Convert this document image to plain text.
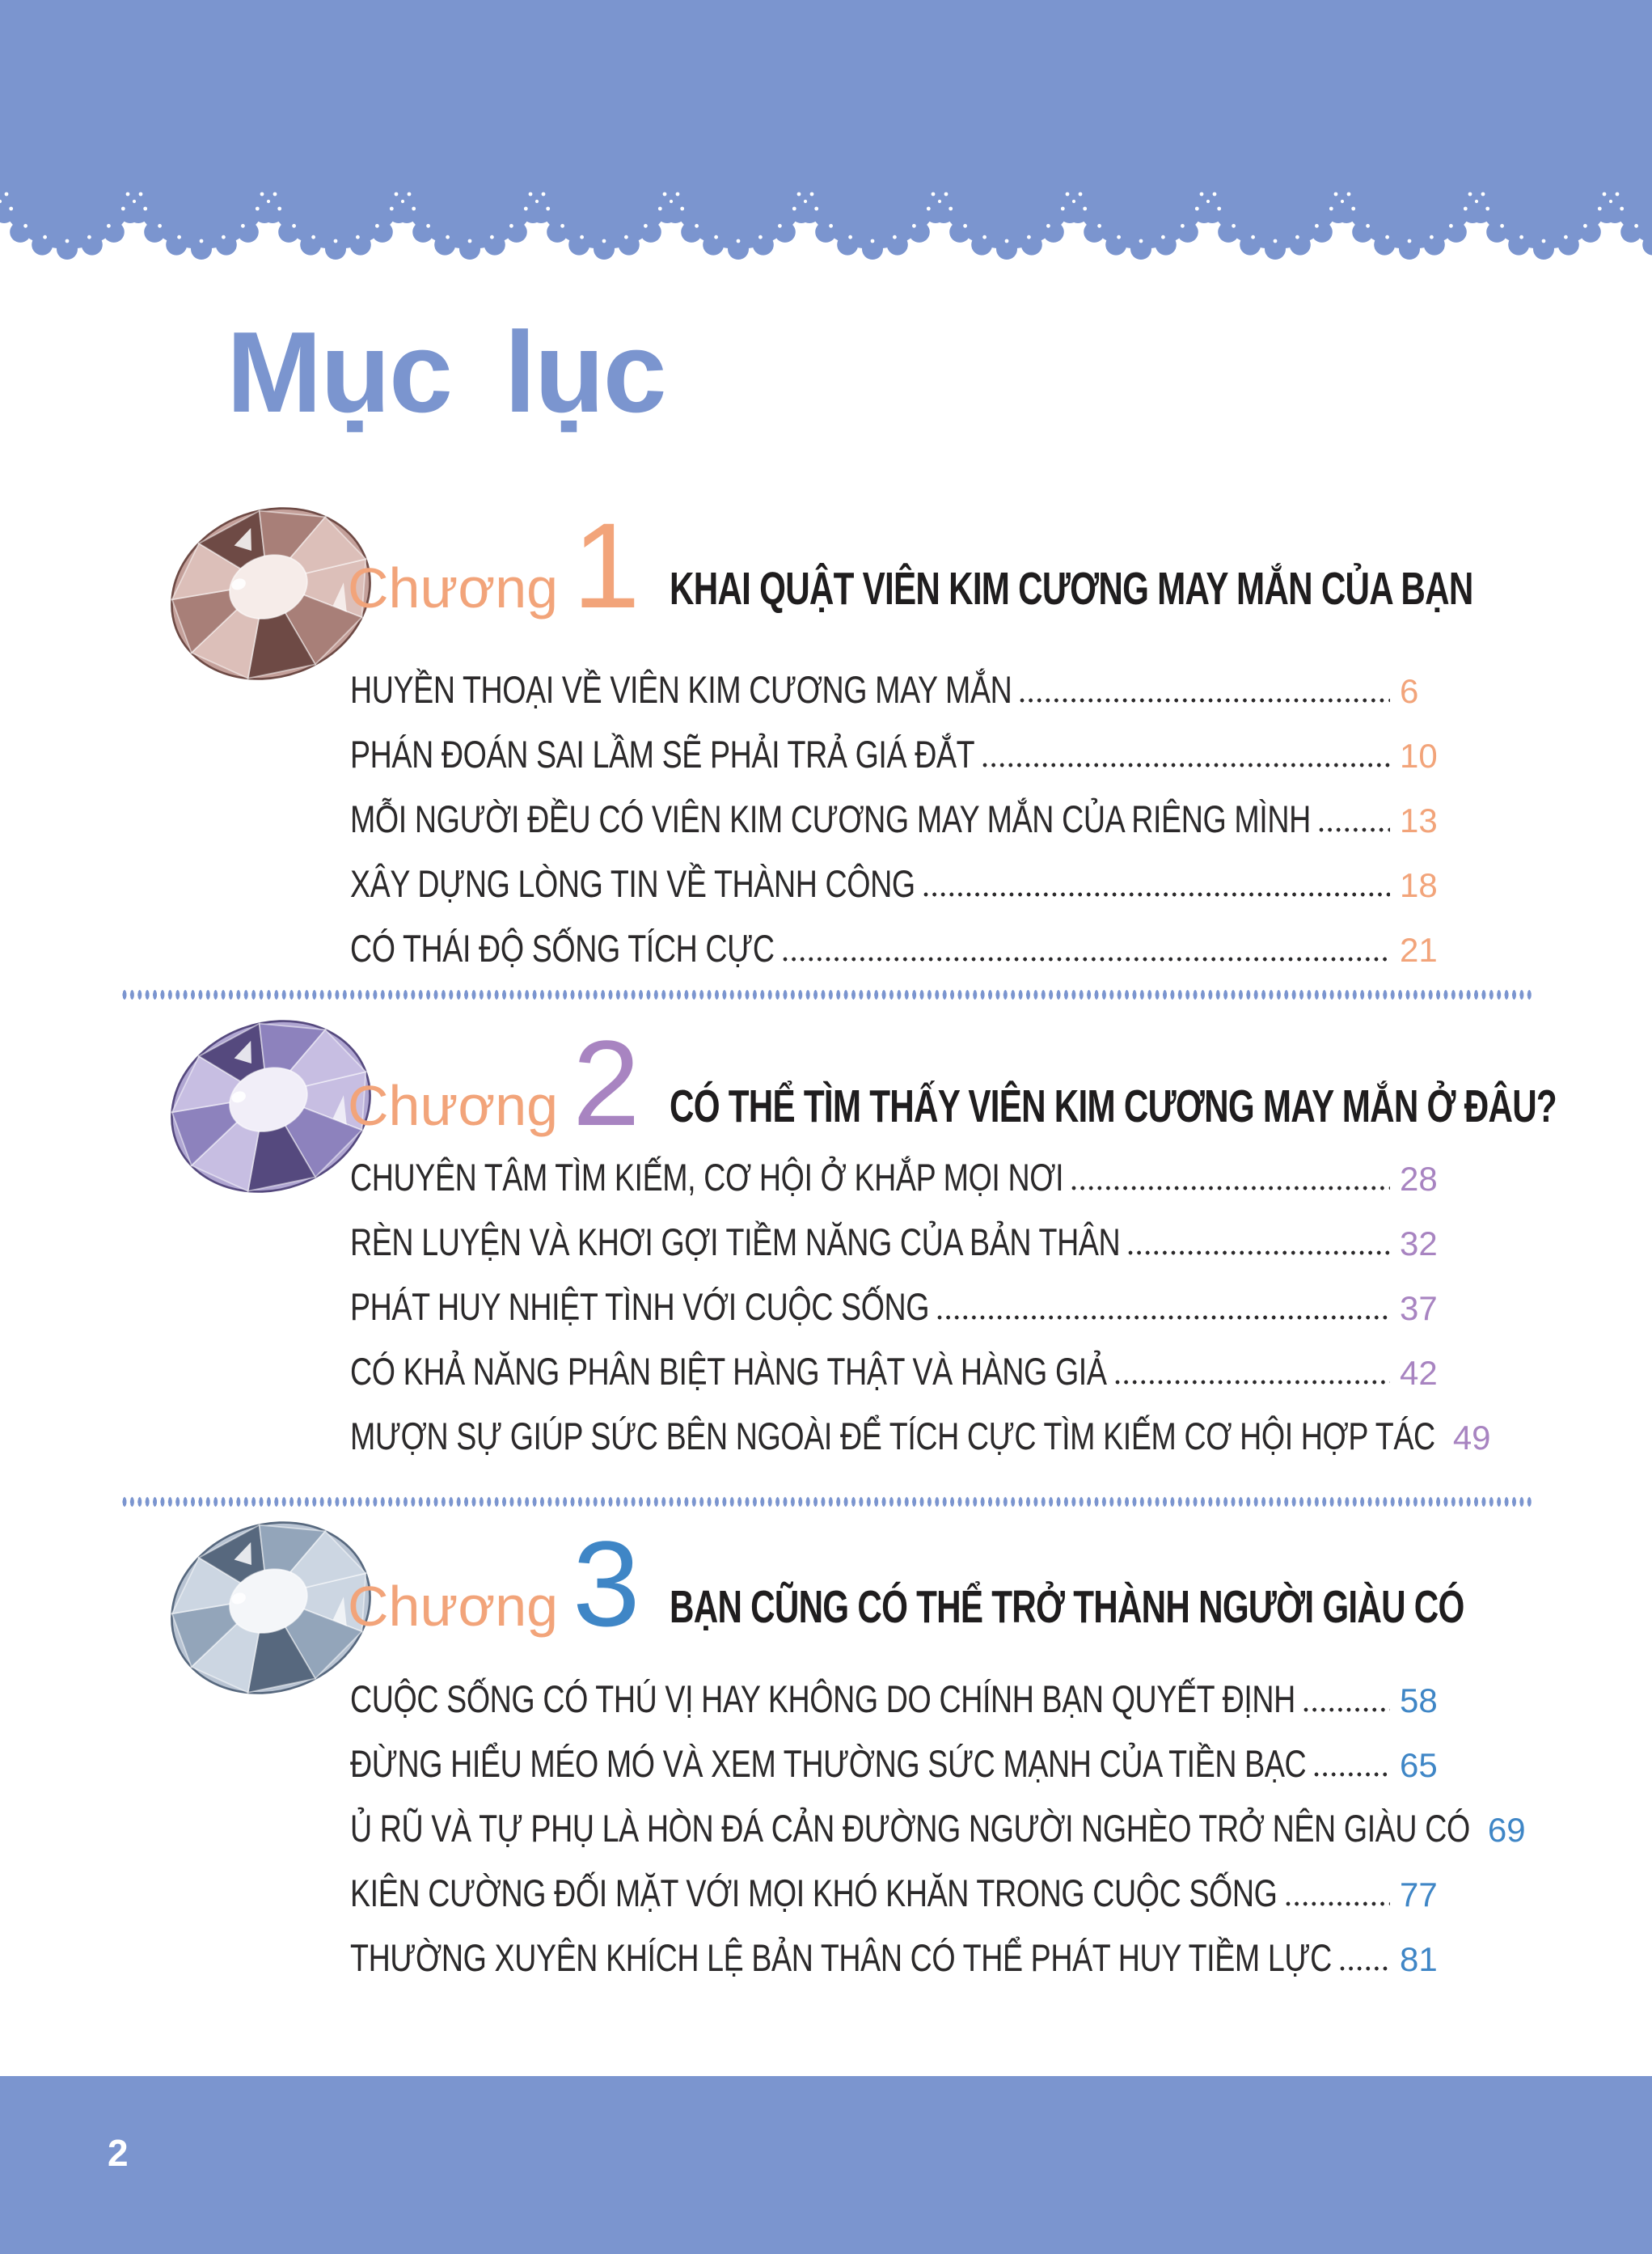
Mục lục
Chương 1 KHAI QUẬT VIÊN KIM CƯƠNG MAY MẮN CỦA BẠN
HUYỀN THOẠI VỀ VIÊN KIM CƯƠNG MAY MẮN	6
PHÁN ĐOÁN SAI LẦM SẼ PHẢI TRẢ GIÁ ĐẮT	10
MỖI NGƯỜI ĐỀU CÓ VIÊN KIM CƯƠNG MAY MẮN CỦA RIÊNG MÌNH	13
XÂY DỰNG LÒNG TIN VỀ THÀNH CÔNG	18
CÓ THÁI ĐỘ SỐNG TÍCH CỰC	21
Chương 2 CÓ THỂ TÌM THẤY VIÊN KIM CƯƠNG MAY MẮN Ở ĐÂU?
CHUYÊN TÂM TÌM KIẾM, CƠ HỘI Ở KHẮP MỌI NƠI	28
RÈN LUYỆN VÀ KHƠI GỢI TIỀM NĂNG CỦA BẢN THÂN	32
PHÁT HUY NHIỆT TÌNH VỚI CUỘC SỐNG	37
CÓ KHẢ NĂNG PHÂN BIỆT HÀNG THẬT VÀ HÀNG GIẢ	42
MƯỢN SỰ GIÚP SỨC BÊN NGOÀI ĐỂ TÍCH CỰC TÌM KIẾM CƠ HỘI HỢP TÁC 49
Chương 3 BẠN CŨNG CÓ THỂ TRỞ THÀNH NGƯỜI GIÀU CÓ
CUỘC SỐNG CÓ THÚ VỊ HAY KHÔNG DO CHÍNH BẠN QUYẾT ĐỊNH	58
ĐỪNG HIỂU MÉO MÓ VÀ XEM THƯỜNG SỨC MẠNH CỦA TIỀN BẠC	65
Ủ RŨ VÀ TỰ PHỤ LÀ HÒN ĐÁ CẢN ĐƯỜNG NGƯỜI NGHÈO TRỞ NÊN GIÀU CÓ 69
KIÊN CƯỜNG ĐỐI MẶT VỚI MỌI KHÓ KHĂN TRONG CUỘC SỐNG	77
THƯỜNG XUYÊN KHÍCH LỆ BẢN THÂN CÓ THỂ PHÁT HUY TIỀM LỰC 81
2
